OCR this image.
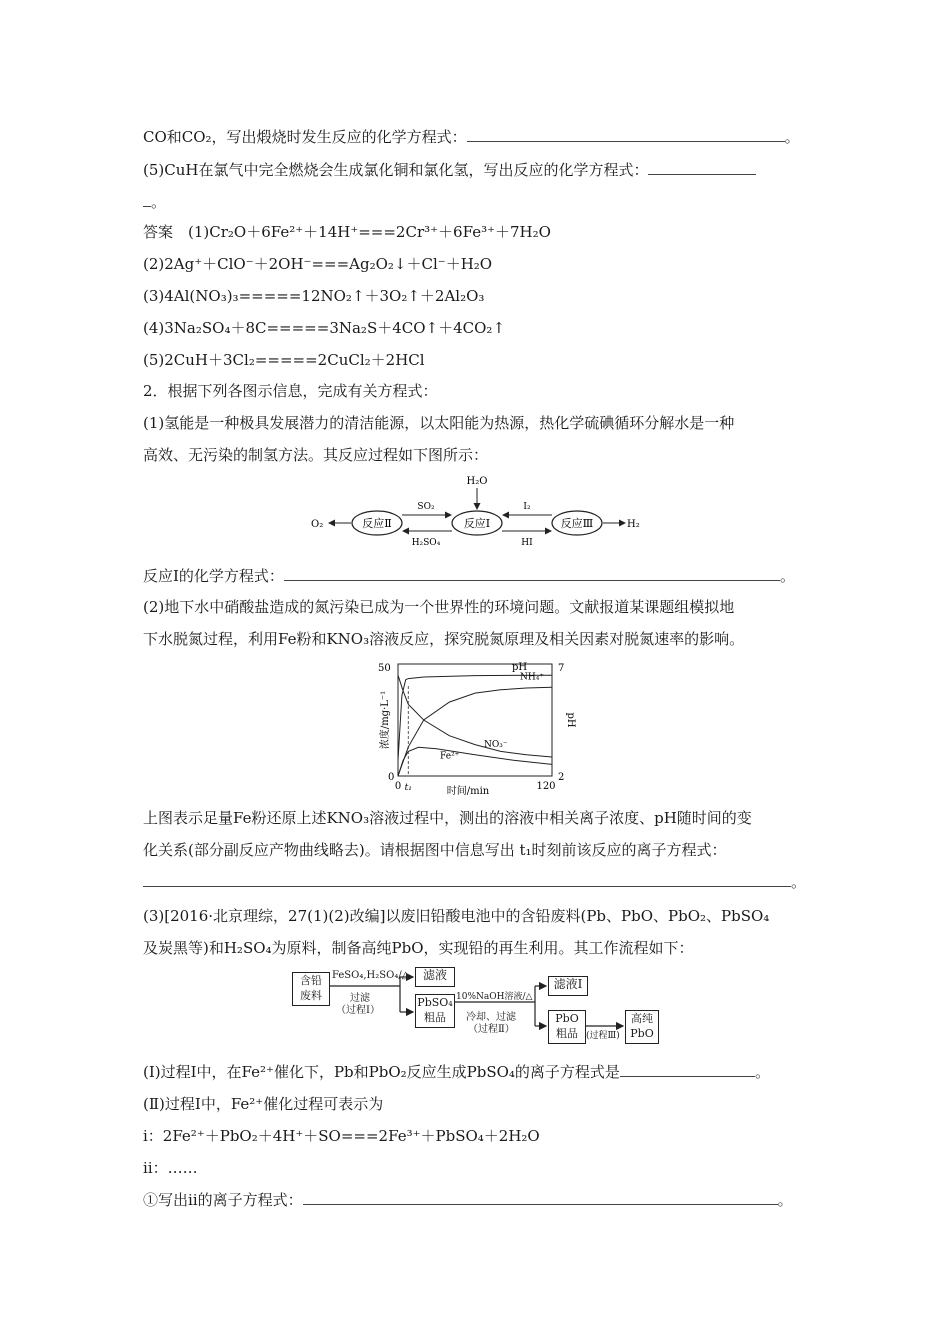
CO和CO₂，写出煅烧时发生反应的化学方程式：	。
(5)CuH在氯气中完全燃烧会生成氯化铜和氯化氢，写出反应的化学方程式：
。
答案　(1)Cr₂O＋6Fe²⁺＋14H⁺===2Cr³⁺＋6Fe³⁺＋7H₂O
(2)2Ag⁺＋ClO⁻＋2OH⁻===Ag₂O₂↓＋Cl⁻＋H₂O
(3)4Al(NO₃)₃=====12NO₂↑＋3O₂↑＋2Al₂O₃
(4)3Na₂SO₄＋8C=====3Na₂S＋4CO↑＋4CO₂↑
(5)2CuH＋3Cl₂=====2CuCl₂＋2HCl
2．根据下列各图示信息，完成有关方程式：
(1)氢能是一种极具发展潜力的清洁能源，以太阳能为热源，热化学硫碘循环分解水是一种
高效、无污染的制氢方法。其反应过程如下图所示：
反应Ⅱ	反应Ⅰ	反应Ⅲ
O₂	H₂
H₂O
SO₂
H₂SO₄
I₂
HI
反应Ⅰ的化学方程式：	。
(2)地下水中硝酸盐造成的氮污染已成为一个世界性的环境问题。文献报道某课题组模拟地
下水脱氮过程，利用Fe粉和KNO₃溶液反应，探究脱氮原理及相关因素对脱氮速率的影响。
50
0
7
2
0 t₁	120
时间/min
浓度/mg·L⁻¹	pH
pH
NH₄⁺
NO₃⁻
Fe²⁺
上图表示足量Fe粉还原上述KNO₃溶液过程中，测出的溶液中相关离子浓度、pH随时间的变
化关系(部分副反应产物曲线略去)。请根据图中信息写出 t₁时刻前该反应的离子方程式：
。
(3)[2016·北京理综，27(1)(2)改编]以废旧铅酸电池中的含铅废料(Pb、PbO、PbO₂、PbSO₄
及炭黑等)和H₂SO₄为原料，制备高纯PbO，实现铅的再生利用。其工作流程如下：
含铅
废料
FeSO₄,H₂SO₄/△
过滤
（过程Ⅰ）
滤液
PbSO₄
粗品
10%NaOH溶液/△
冷却、过滤
（过程Ⅱ）
滤液Ⅰ
PbO
粗品 (过程Ⅲ)
高纯
PbO
(Ⅰ)过程Ⅰ中，在Fe²⁺催化下，Pb和PbO₂反应生成PbSO₄的离子方程式是	。
(Ⅱ)过程Ⅰ中，Fe²⁺催化过程可表示为
ⅰ：2Fe²⁺＋PbO₂＋4H⁺＋SO===2Fe³⁺＋PbSO₄＋2H₂O
ⅱ：……
①写出ⅱ的离子方程式：	。
